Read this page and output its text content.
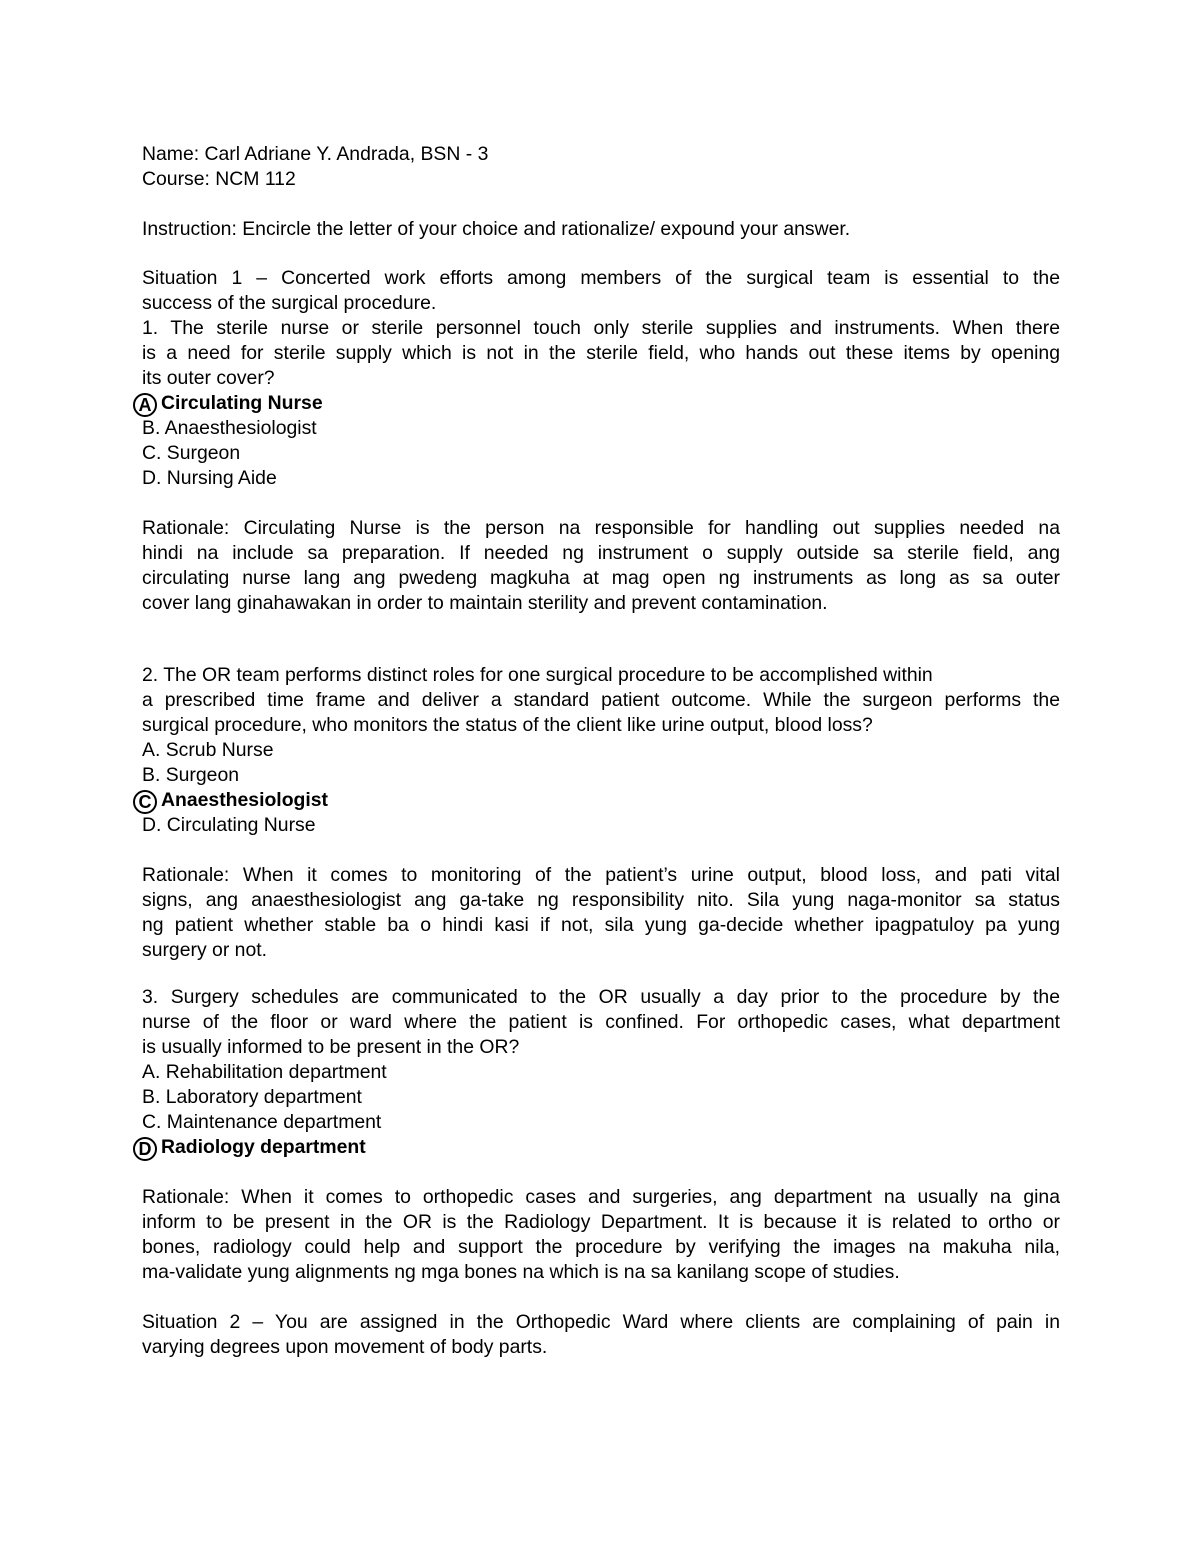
Name: Carl Adriane Y. Andrada, BSN - 3
Course: NCM 112
Instruction: Encircle the letter of your choice and rationalize/ expound your answer.
Situation 1 – Concerted work efforts among members of the surgical team is essential to the
success of the surgical procedure.
1. The sterile nurse or sterile personnel touch only sterile supplies and instruments. When there
is a need for sterile supply which is not in the sterile field, who hands out these items by opening
its outer cover?
A Circulating Nurse
B. Anaesthesiologist
C. Surgeon
D. Nursing Aide
Rationale: Circulating Nurse is the person na responsible for handling out supplies needed na
hindi na include sa preparation. If needed ng instrument o supply outside sa sterile field, ang
circulating nurse lang ang pwedeng magkuha at mag open ng instruments as long as sa outer
cover lang ginahawakan in order to maintain sterility and prevent contamination.
2. The OR team performs distinct roles for one surgical procedure to be accomplished within
a prescribed time frame and deliver a standard patient outcome. While the surgeon performs the
surgical procedure, who monitors the status of the client like urine output, blood loss?
A. Scrub Nurse
B. Surgeon
C Anaesthesiologist
D. Circulating Nurse
Rationale: When it comes to monitoring of the patient’s urine output, blood loss, and pati vital
signs, ang anaesthesiologist ang ga-take ng responsibility nito. Sila yung naga-monitor sa status
ng patient whether stable ba o hindi kasi if not, sila yung ga-decide whether ipagpatuloy pa yung
surgery or not.
3. Surgery schedules are communicated to the OR usually a day prior to the procedure by the
nurse of the floor or ward where the patient is confined. For orthopedic cases, what department
is usually informed to be present in the OR?
A. Rehabilitation department
B. Laboratory department
C. Maintenance department
D Radiology department
Rationale: When it comes to orthopedic cases and surgeries, ang department na usually na gina
inform to be present in the OR is the Radiology Department. It is because it is related to ortho or
bones, radiology could help and support the procedure by verifying the images na makuha nila,
ma-validate yung alignments ng mga bones na which is na sa kanilang scope of studies.
Situation 2 – You are assigned in the Orthopedic Ward where clients are complaining of pain in
varying degrees upon movement of body parts.
